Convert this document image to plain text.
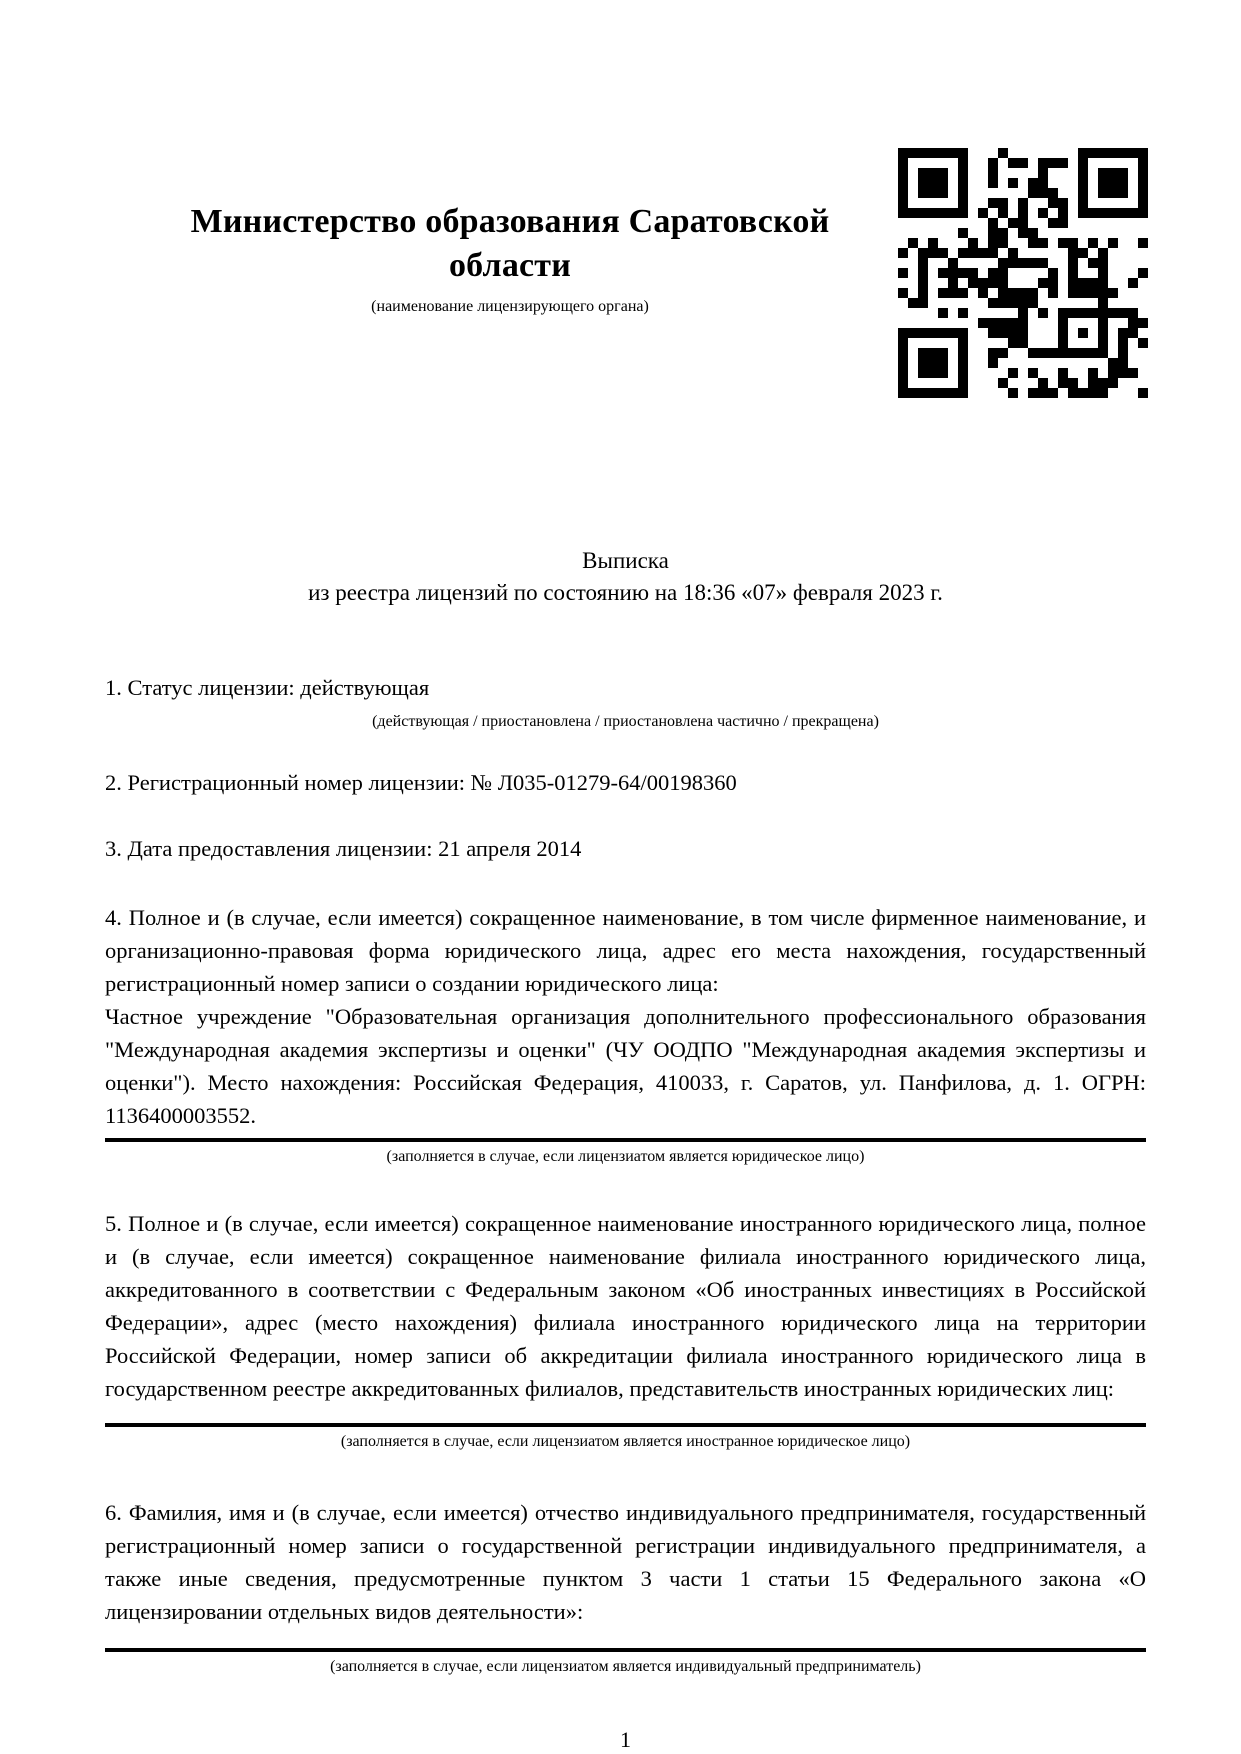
Министерство образования Саратовской области
(наименование лицензирующего органа)
Выписка
из реестра лицензий по состоянию на 18:36 «07» февраля 2023 г.

1. Статус лицензии: действующая

(действующая / приостановлена / приостановлена частично / прекращена)

2. Регистрационный номер лицензии: № Л035-01279-64/00198360

3. Дата предоставления лицензии: 21 апреля 2014

4. Полное и (в случае, если имеется) сокращенное наименование, в том числе фирменное наименование, и организационно-правовая форма юридического лица, адрес его места нахождения, государственный регистрационный номер записи о создании юридического лица:

Частное учреждение "Образовательная организация дополнительного профессионального образования "Международная академия экспертизы и оценки" (ЧУ ООДПО "Международная академия экспертизы и оценки"). Место нахождения: Российская Федерация, 410033, г. Саратов, ул. Панфилова, д. 1. ОГРН: 1136400003552.

(заполняется в случае, если лицензиатом является юридическое лицо)

5. Полное и (в случае, если имеется) сокращенное наименование иностранного юридического лица, полное и (в случае, если имеется) сокращенное наименование филиала иностранного юридического лица, аккредитованного в соответствии с Федеральным законом «Об иностранных инвестициях в Российской Федерации», адрес (место нахождения) филиала иностранного юридического лица на территории Российской Федерации, номер записи об аккредитации филиала иностранного юридического лица в государственном реестре аккредитованных филиалов, представительств иностранных юридических лиц:

(заполняется в случае, если лицензиатом является иностранное юридическое лицо)

6. Фамилия, имя и (в случае, если имеется) отчество индивидуального предпринимателя, государственный регистрационный номер записи о государственной регистрации индивидуального предпринимателя, а также иные сведения, предусмотренные пунктом 3 части 1 статьи 15 Федерального закона «О лицензировании отдельных видов деятельности»:

(заполняется в случае, если лицензиатом является индивидуальный предприниматель)

1
